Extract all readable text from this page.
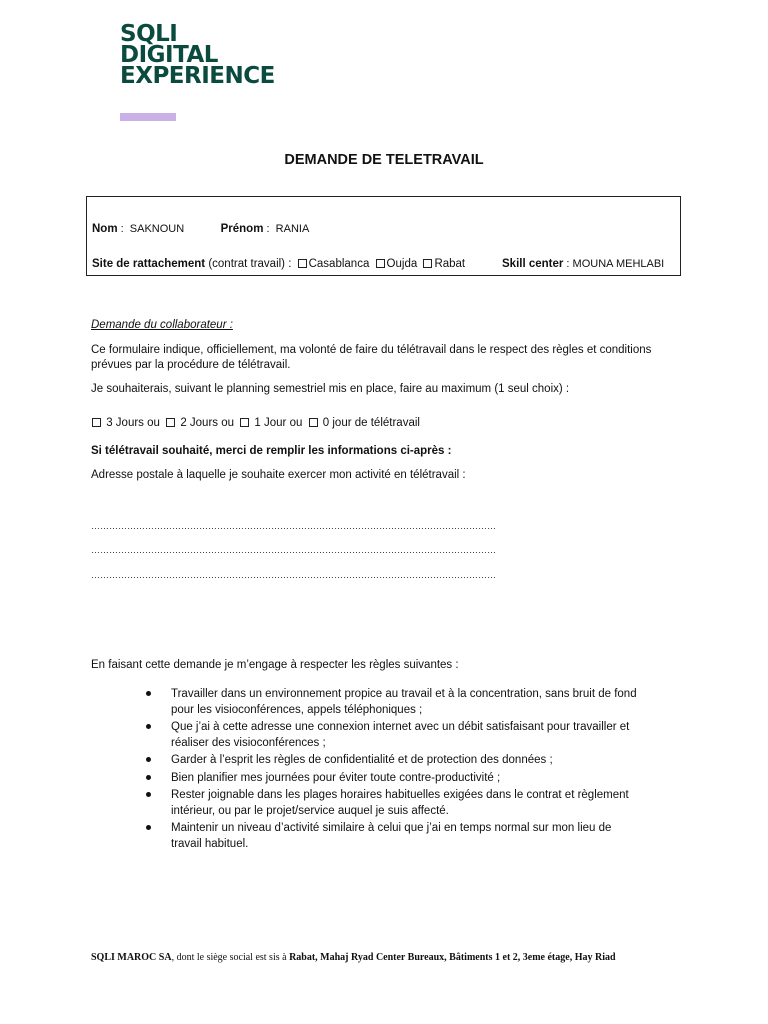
SQLI
DIGITAL
EXPERIENCE
DEMANDE DE TELETRAVAIL
Nom :  SAKNOUN	Prénom :  RANIA
Site de rattachement (contrat travail) : Casablanca Oujda Rabat	Skill center : MOUNA MEHLABI
Demande du collaborateur :
Ce formulaire indique, officiellement, ma volonté de faire du télétravail dans le respect des règles et conditions prévues par la procédure de télétravail.
Je souhaiterais, suivant le planning semestriel mis en place, faire au maximum (1 seul choix) :
3 Jours ou 2 Jours ou 1 Jour ou 0 jour de télétravail
Si télétravail souhaité, merci de remplir les informations ci-après :
Adresse postale à laquelle je souhaite exercer mon activité en télétravail :
………………………………………………………………………………………………………………………
………………………………………………………………………………………………………………………
………………………………………………………………………………………………………………………
En faisant cette demande je m’engage à respecter les règles suivantes :
Travailler dans un environnement propice au travail et à la concentration, sans bruit de fond pour les visioconférences, appels téléphoniques ;
Que j’ai à cette adresse une connexion internet avec un débit satisfaisant pour travailler et réaliser des visioconférences ;
Garder à l’esprit les règles de confidentialité et de protection des données ;
Bien planifier mes journées pour éviter toute contre-productivité ;
Rester joignable dans les plages horaires habituelles exigées dans le contrat et règlement intérieur, ou par le projet/service auquel je suis affecté.
Maintenir un niveau d’activité similaire à celui que j’ai en temps normal sur mon lieu de travail habituel.
SQLI MAROC SA, dont le siège social est sis à Rabat, Mahaj Ryad Center Bureaux, Bâtiments 1 et 2, 3eme étage, Hay Riad
